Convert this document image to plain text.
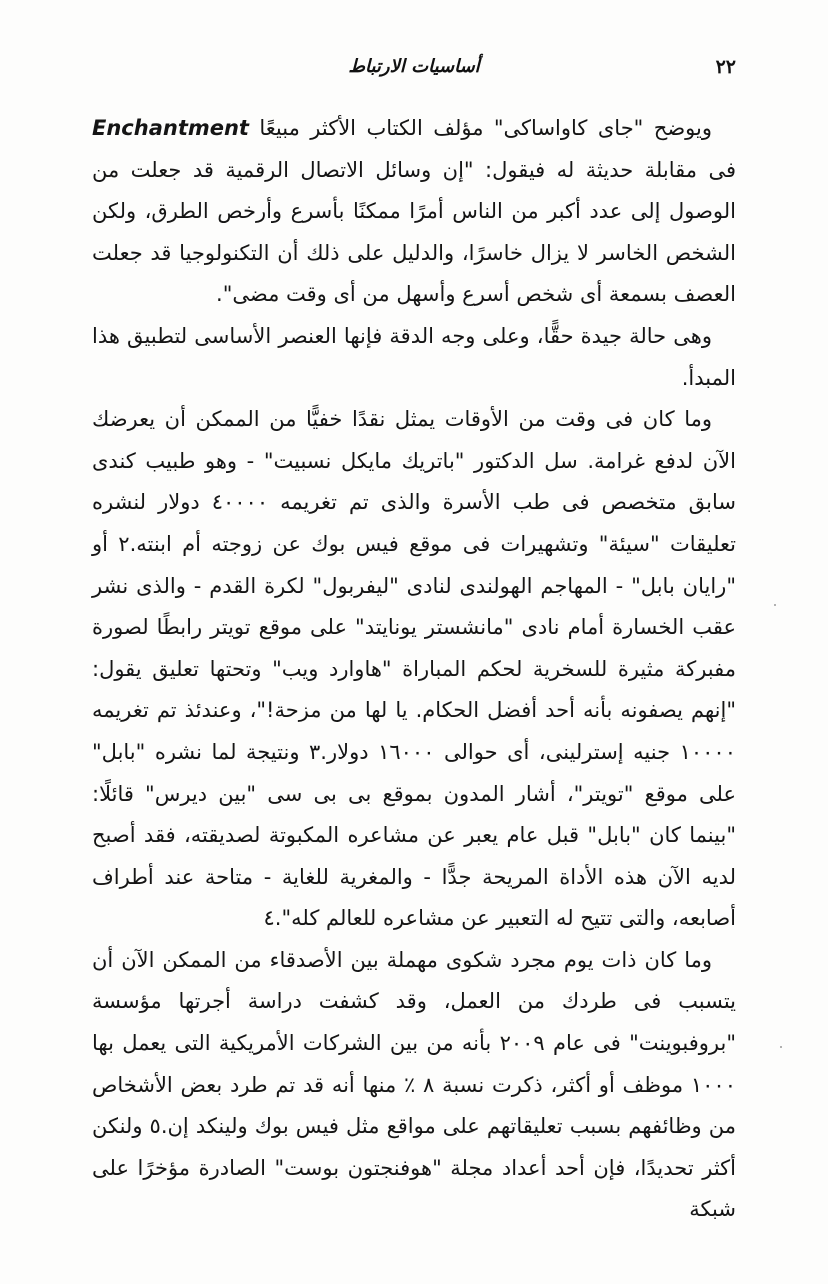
٢٢
أساسيات الارتباط

ويوضح "جاى كاواساكى" مؤلف الكتاب الأكثر مبيعًا Enchantment فى مقابلة حديثة له فيقول: "إن وسائل الاتصال الرقمية قد جعلت من الوصول إلى عدد أكبر من الناس أمرًا ممكنًا بأسرع وأرخص الطرق، ولكن الشخص الخاسر لا يزال خاسرًا، والدليل على ذلك أن التكنولوجيا قد جعلت العصف بسمعة أى شخص أسرع وأسهل من أى وقت مضى".

وهى حالة جيدة حقًّا، وعلى وجه الدقة فإنها العنصر الأساسى لتطبيق هذا المبدأ.

وما كان فى وقت من الأوقات يمثل نقدًا خفيًّا من الممكن أن يعرضك الآن لدفع غرامة. سل الدكتور "باتريك مايكل نسبيت" - وهو طبيب كندى سابق متخصص فى طب الأسرة والذى تم تغريمه ٤٠٠٠٠ دولار لنشره تعليقات "سيئة" وتشهيرات فى موقع فيس بوك عن زوجته أم ابنته.٢ أو "رايان بابل" - المهاجم الهولندى لنادى "ليفربول" لكرة القدم - والذى نشر عقب الخسارة أمام نادى "مانشستر يونايتد" على موقع تويتر رابطًا لصورة مفبركة مثيرة للسخرية لحكم المباراة "هاوارد ويب" وتحتها تعليق يقول: "إنهم يصفونه بأنه أحد أفضل الحكام. يا لها من مزحة!"، وعندئذ تم تغريمه ١٠٠٠٠ جنيه إسترلينى، أى حوالى ١٦٠٠٠ دولار.٣ ونتيجة لما نشره "بابل" على موقع "تويتر"، أشار المدون بموقع بى بى سى "بين ديرس" قائلًا: "بينما كان "بابل" قبل عام يعبر عن مشاعره المكبوتة لصديقته، فقد أصبح لديه الآن هذه الأداة المريحة جدًّا - والمغرية للغاية - متاحة عند أطراف أصابعه، والتى تتيح له التعبير عن مشاعره للعالم كله".٤

وما كان ذات يوم مجرد شكوى مهملة بين الأصدقاء من الممكن الآن أن يتسبب فى طردك من العمل، وقد كشفت دراسة أجرتها مؤسسة "بروفبوينت" فى عام ٢٠٠٩ بأنه من بين الشركات الأمريكية التى يعمل بها ١٠٠٠ موظف أو أكثر، ذكرت نسبة ٨ ٪ منها أنه قد تم طرد بعض الأشخاص من وظائفهم بسبب تعليقاتهم على مواقع مثل فيس بوك ولينكد إن.٥ ولنكن أكثر تحديدًا، فإن أحد أعداد مجلة "هوفنجتون بوست" الصادرة مؤخرًا على شبكة
